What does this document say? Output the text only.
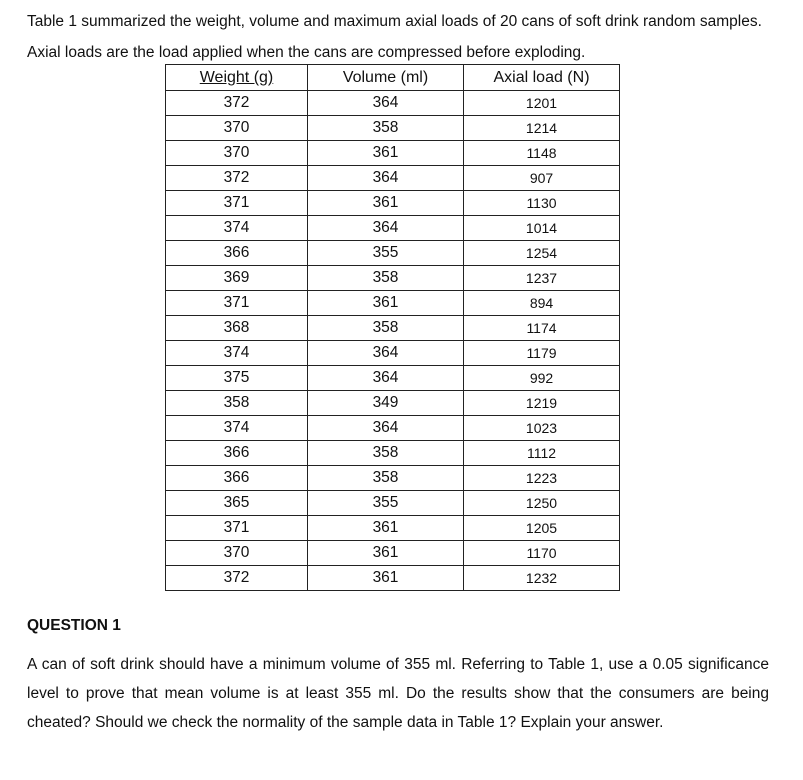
Table 1 summarized the weight, volume and maximum axial loads of 20 cans of soft drink random samples. Axial loads are the load applied when the cans are compressed before exploding.

Weight (g)	Volume (ml)	Axial load (N)
372	364	1201
370	358	1214
370	361	1148
372	364	907
371	361	1130
374	364	1014
366	355	1254
369	358	1237
371	361	894
368	358	1174
374	364	1179
375	364	992
358	349	1219
374	364	1023
366	358	1112
366	358	1223
365	355	1250
371	361	1205
370	361	1170
372	361	1232

QUESTION 1

A can of soft drink should have a minimum volume of 355 ml. Referring to Table 1, use a 0.05 significance level to prove that mean volume is at least 355 ml. Do the results show that the consumers are being cheated? Should we check the normality of the sample data in Table 1? Explain your answer.
